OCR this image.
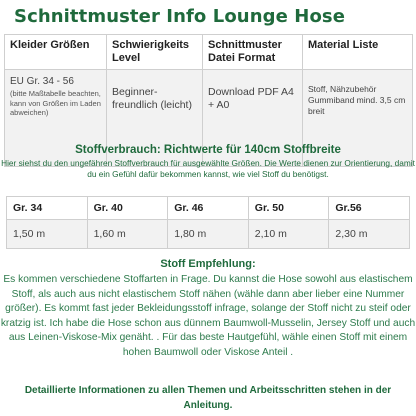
Schnittmuster Info Lounge Hose
Kleider Größen	Schwierigkeits Level	Schnittmuster Datei Format	Material Liste

EU Gr. 34 - 56
(bitte Maßtabelle beachten, kann von Größen im Laden abweichen)	Beginner-freundlich (leicht)	Download PDF A4 + A0	Stoff, Nähzubehör Gummiband mind. 3,5 cm breit
Stoffverbrauch: Richtwerte für 140cm Stoffbreite
Hier siehst du den ungefähren Stoffverbrauch für ausgewählte Größen. Die Werte dienen zur Orientierung, damit du ein Gefühl dafür bekommen kannst, wie viel Stoff du benötigst.
Gr. 34	Gr. 40	Gr. 46	Gr. 50	Gr.56
1,50 m	1,60 m	1,80 m	2,10 m	2,30 m
Stoff Empfehlung:
Es kommen verschiedene Stoffarten in Frage. Du kannst die Hose sowohl aus elastischem Stoff, als auch aus nicht elastischem Stoff nähen (wähle dann aber lieber eine Nummer größer). Es kommt fast jeder Bekleidungsstoff infrage, solange der Stoff nicht zu steif oder kratzig ist. Ich habe die Hose schon aus dünnem Baumwoll-Musselin, Jersey Stoff und auch aus Leinen-Viskose-Mix genäht. . Für das beste Hautgefühl, wähle einen Stoff mit einem hohen Baumwoll oder Viskose Anteil .
Detaillierte Informationen zu allen Themen und Arbeitsschritten stehen in der Anleitung.
